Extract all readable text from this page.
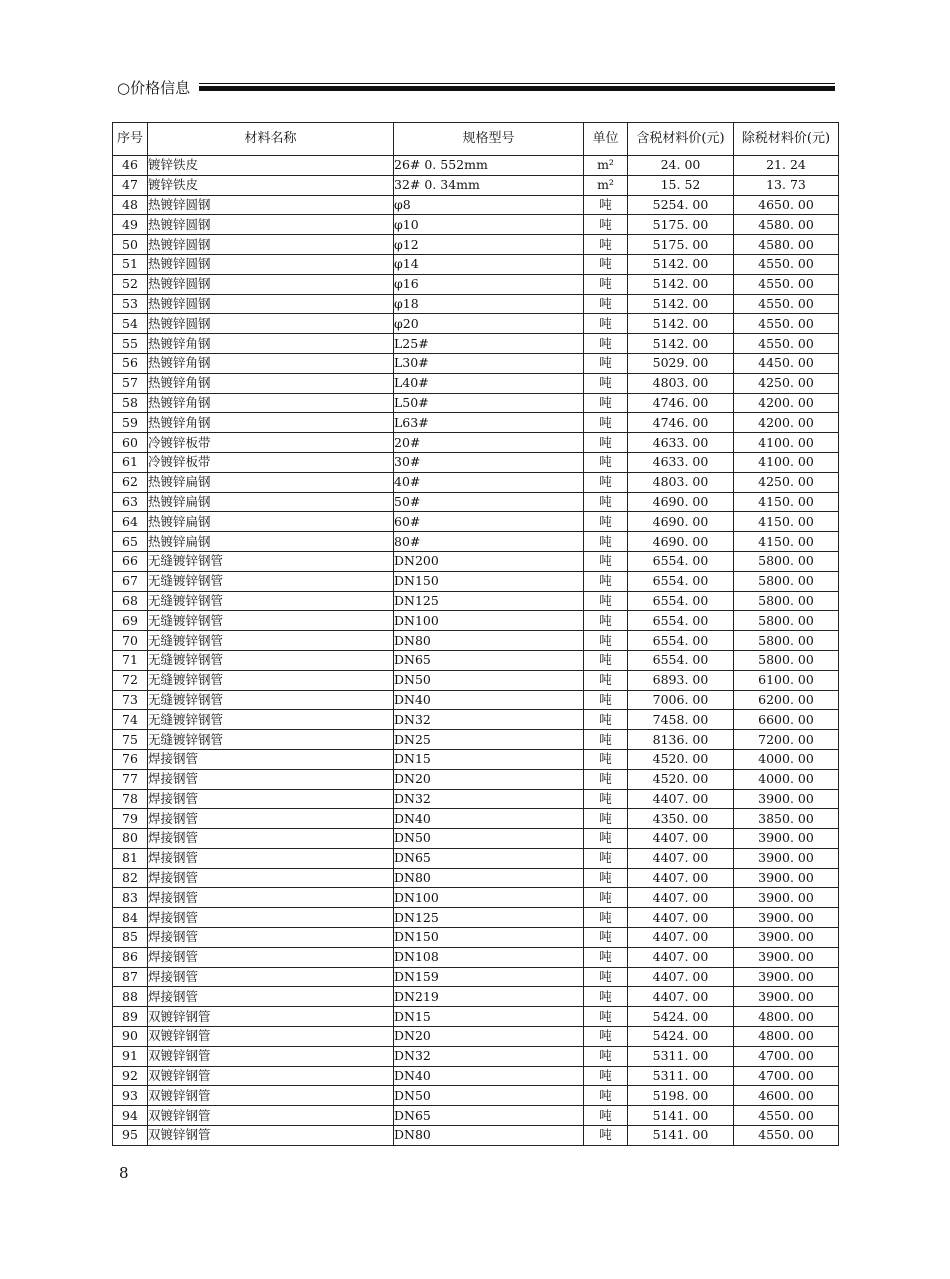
○价格信息
序号	材料名称	规格型号	单位	含税材料价(元)	除税材料价(元)
46	镀锌铁皮	26# 0. 552mm	m²	24. 00	21. 24
47	镀锌铁皮	32# 0. 34mm	m²	15. 52	13. 73
48	热镀锌圆钢	φ8	吨	5254. 00	4650. 00
49	热镀锌圆钢	φ10	吨	5175. 00	4580. 00
50	热镀锌圆钢	φ12	吨	5175. 00	4580. 00
51	热镀锌圆钢	φ14	吨	5142. 00	4550. 00
52	热镀锌圆钢	φ16	吨	5142. 00	4550. 00
53	热镀锌圆钢	φ18	吨	5142. 00	4550. 00
54	热镀锌圆钢	φ20	吨	5142. 00	4550. 00
55	热镀锌角钢	L25#	吨	5142. 00	4550. 00
56	热镀锌角钢	L30#	吨	5029. 00	4450. 00
57	热镀锌角钢	L40#	吨	4803. 00	4250. 00
58	热镀锌角钢	L50#	吨	4746. 00	4200. 00
59	热镀锌角钢	L63#	吨	4746. 00	4200. 00
60	冷镀锌板带	20#	吨	4633. 00	4100. 00
61	冷镀锌板带	30#	吨	4633. 00	4100. 00
62	热镀锌扁钢	40#	吨	4803. 00	4250. 00
63	热镀锌扁钢	50#	吨	4690. 00	4150. 00
64	热镀锌扁钢	60#	吨	4690. 00	4150. 00
65	热镀锌扁钢	80#	吨	4690. 00	4150. 00
66	无缝镀锌钢管	DN200	吨	6554. 00	5800. 00
67	无缝镀锌钢管	DN150	吨	6554. 00	5800. 00
68	无缝镀锌钢管	DN125	吨	6554. 00	5800. 00
69	无缝镀锌钢管	DN100	吨	6554. 00	5800. 00
70	无缝镀锌钢管	DN80	吨	6554. 00	5800. 00
71	无缝镀锌钢管	DN65	吨	6554. 00	5800. 00
72	无缝镀锌钢管	DN50	吨	6893. 00	6100. 00
73	无缝镀锌钢管	DN40	吨	7006. 00	6200. 00
74	无缝镀锌钢管	DN32	吨	7458. 00	6600. 00
75	无缝镀锌钢管	DN25	吨	8136. 00	7200. 00
76	焊接钢管	DN15	吨	4520. 00	4000. 00
77	焊接钢管	DN20	吨	4520. 00	4000. 00
78	焊接钢管	DN32	吨	4407. 00	3900. 00
79	焊接钢管	DN40	吨	4350. 00	3850. 00
80	焊接钢管	DN50	吨	4407. 00	3900. 00
81	焊接钢管	DN65	吨	4407. 00	3900. 00
82	焊接钢管	DN80	吨	4407. 00	3900. 00
83	焊接钢管	DN100	吨	4407. 00	3900. 00
84	焊接钢管	DN125	吨	4407. 00	3900. 00
85	焊接钢管	DN150	吨	4407. 00	3900. 00
86	焊接钢管	DN108	吨	4407. 00	3900. 00
87	焊接钢管	DN159	吨	4407. 00	3900. 00
88	焊接钢管	DN219	吨	4407. 00	3900. 00
89	双镀锌钢管	DN15	吨	5424. 00	4800. 00
90	双镀锌钢管	DN20	吨	5424. 00	4800. 00
91	双镀锌钢管	DN32	吨	5311. 00	4700. 00
92	双镀锌钢管	DN40	吨	5311. 00	4700. 00
93	双镀锌钢管	DN50	吨	5198. 00	4600. 00
94	双镀锌钢管	DN65	吨	5141. 00	4550. 00
95	双镀锌钢管	DN80	吨	5141. 00	4550. 00
8
